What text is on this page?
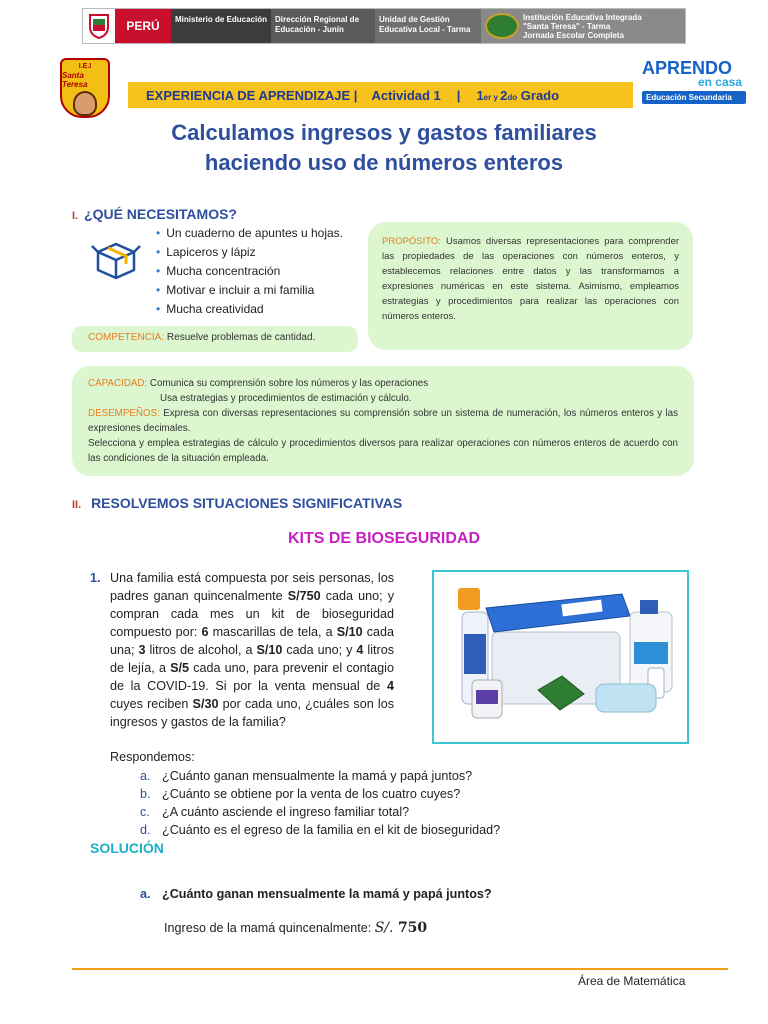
PERÚ	Ministerio de Educación Dirección Regional de Educación - Junín
Unidad de Gestión Educativa Local - Tarma
Institución Educativa Integrada
"Santa Teresa" - Tarma
Jornada Escolar Completa
I.E.I
Santa Teresa
EXPERIENCIA DE APRENDIZAJE | Actividad 1 | 1er y 2do Grado
APRENDO
en casa
Educación Secundaria
Calculamos ingresos y gastos familiares
haciendo uso de números enteros
I. ¿QUÉ NECESITAMOS?
• Un cuaderno de apuntes u hojas.
• Lapiceros y lápiz
• Mucha concentración
• Motivar e incluir a mi familia
• Mucha creatividad
PROPÓSITO: Usamos diversas representaciones para comprender las propiedades de las operaciones con números enteros, y establecemos relaciones entre datos y las transformamos a expresiones numéricas en este sistema. Asimismo, empleamos estrategias y procedimientos para realizar las operaciones con números enteros.
COMPETENCIA: Resuelve problemas de cantidad.
CAPACIDAD: Comunica su comprensión sobre los números y las operaciones
Usa estrategias y procedimientos de estimación y cálculo.
DESEMPEÑOS: Expresa con diversas representaciones su comprensión sobre un sistema de numeración, los números enteros y las expresiones decimales.
Selecciona y emplea estrategias de cálculo y procedimientos diversos para realizar operaciones con números enteros de acuerdo con las condiciones de la situación empleada.
II. RESOLVEMOS SITUACIONES SIGNIFICATIVAS
KITS DE BIOSEGURIDAD
1. Una familia está compuesta por seis personas, los padres ganan quincenalmente S/750 cada uno; y compran cada mes un kit de bioseguridad compuesto por: 6 mascarillas de tela, a S/10 cada una; 3 litros de alcohol, a S/10 cada uno; y 4 litros de lejía, a S/5 cada uno, para prevenir el contagio de la COVID-19. Si por la venta mensual de 4 cuyes reciben S/30 por cada uno, ¿cuáles son los ingresos y gastos de la familia?
Respondemos:
a. ¿Cuánto ganan mensualmente la mamá y papá juntos?
b. ¿Cuánto se obtiene por la venta de los cuatro cuyes?
c. ¿A cuánto asciende el ingreso familiar total?
d. ¿Cuánto es el egreso de la familia en el kit de bioseguridad?
SOLUCIÓN
a. ¿Cuánto ganan mensualmente la mamá y papá juntos?
Ingreso de la mamá quincenalmente: S/. 750
Área de Matemática
